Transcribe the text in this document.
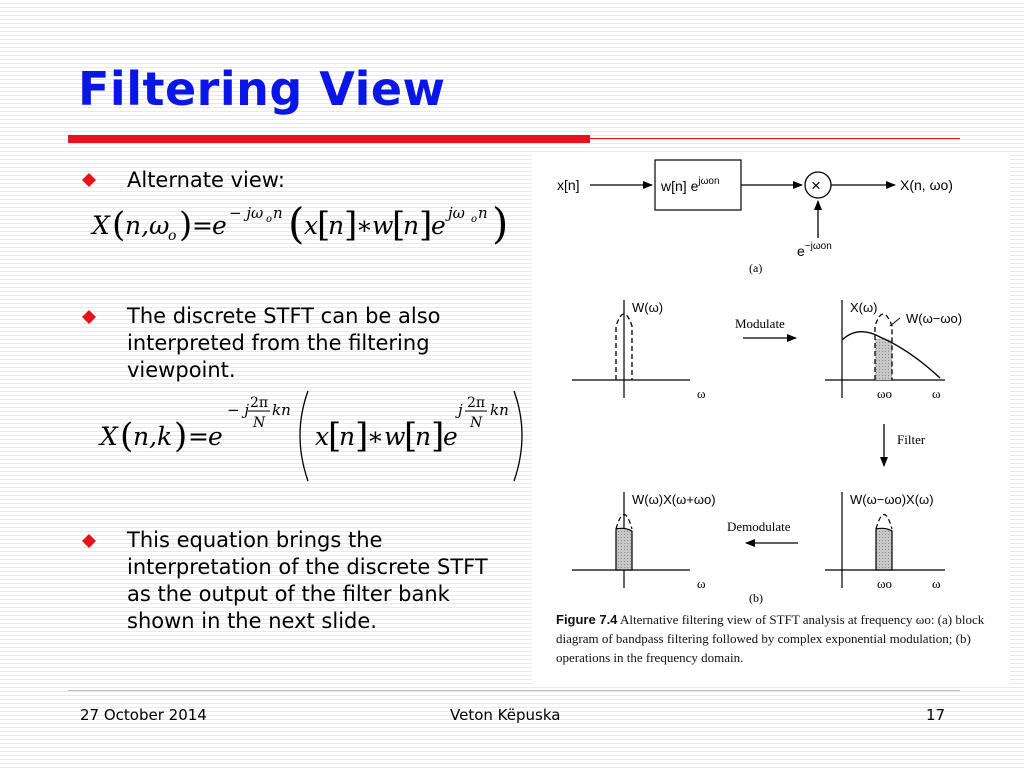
Filtering View
Alternate view:
X ( n,ω
o ) = e − jω o n ( x
[
n ]
∗ w
[
n ]
e jω o n )
The discrete STFT can be also interpreted from the filtering viewpoint.
X ( n,k ) = e
− j 2π
N
kn
x
[
n ]
∗ w
[
n ]
e
j 2π
N
kn
This equation brings the interpretation of the discrete STFT as the output of the filter bank shown in the next slide.
x[n]	w[n] $e^{j\omega on}$	×	X(n, ωo)
$e^{-j\omega on}$
(a)
W(ω)
ω
Modulate
X(ω)
W(ω−ωo)
ωo	ω
Filter
W(ω)X(ω+ωo)
ω
Demodulate
W(ω−ωo)X(ω)
ωo	ω
(b)
Figure 7.4 Alternative filtering view of STFT analysis at frequency ωo: (a) block diagram of bandpass filtering followed by complex exponential modulation; (b) operations in the frequency domain.
27 October 2014	Veton Këpuska	17
